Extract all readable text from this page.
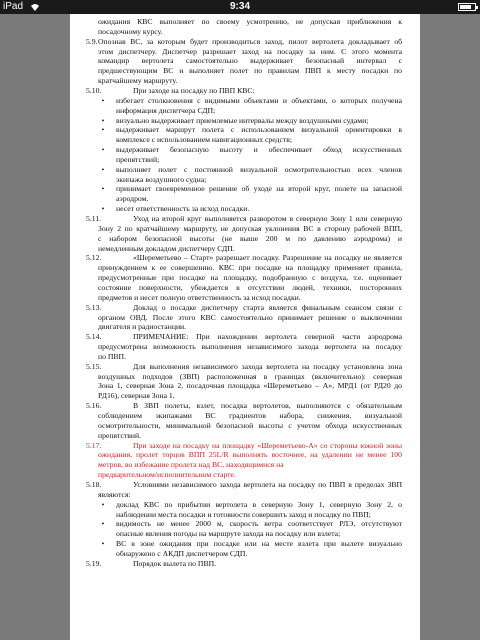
iPad	9:34
ожидания КВС выполняет по своему усмотрению, не допуская приближения к
посадочному курсу.
5.9. Опознав ВС, за которым будет производиться заход, пилот вертолета докладывает об
этом диспетчеру. Диспетчер разрешает заход на посадку за ним. С этого момента
командир вертолета самостоятельно выдерживает безопасный интервал с
предшествующим ВС и выполняет полет по правилам ПВП к месту посадки по
кратчайшему маршруту.
5.10.	При заходе на посадку по ПВП КВС:
• избегает столкновения с видимыми объектами и объектами, о которых получена
информация диспетчера СДП;
• визуально выдерживает приемлемые интервалы между воздушными судами;
• выдерживает маршрут полета с использованием визуальной ориентировки в
комплексе с использованием навигационных средств;
• выдерживает безопасную высоту и обеспечивает обход искусственных
препятствий;
• выполняет полет с постоянной визуальной осмотрительностью всех членов
экипажа воздушного судна;
• принимает своевременное решение об уходе на второй круг, полете на запасной
аэродром.
• несет ответственность за исход посадки.
5.11.	Уход на второй круг выполняется разворотом в северную Зону 1 или северную
Зону 2 по кратчайшему маршруту, не допуская уклонения ВС в сторону рабочей ВПП,
с набором безопасной высоты (не выше 200 м по давлению аэродрома) и
немедленным докладом диспетчеру СДП.
5.12.	«Шереметьево – Старт» разрешает посадку. Разрешение на посадку не является
принуждением к ее совершению. КВС при посадке на площадку применяет правила,
предусмотренные при посадке на площадку, подобранную с воздуха, т.е. оценивает
состояние поверхности, убеждается в отсутствии людей, техники, посторонних
предметов и несет полную ответственность за исход посадки.
5.13.	Доклад о посадке диспетчеру старта является финальным сеансом связи с
органом ОВД. После этого КВС самостоятельно принимает решение о выключении
двигателя и радиостанции.
5.14.	ПРИМЕЧАНИЕ: При нахождении вертолета северной части аэродрома
предусмотрена возможность выполнения независимого захода вертолета на посадку
по ПВП.
5.15.	Для выполнения независимого захода вертолета на посадку установлена зона
воздушных подходов (ЗВП) расположенная в границах (включительно): северная
Зона 1, северная Зона 2, посадочная площадка «Шереметьево – А», МРД1 (от РД20 до
РД16), северная Зона 1.
5.16.	В ЗВП полеты, взлет, посадка вертолетов, выполняются с обязательным
соблюдением экипажами ВС градиентов набора, снижения, визуальной
осмотрительности, минимальной безопасной высоты с учетом обхода искусственных
препятствий.
5.17.	При заходе на посадку на площадку «Шереметьево-А» со стороны южной зоны
ожидания, пролет торцов ВПП 25L/R выполнять восточнее, на удалении не менее 100
метров, во избежание пролета над ВС, находящимися на
предварительном/исполнительном старте.
5.18.	Условиями независимого захода вертолета на посадку по ПВП в пределах ЗВП
являются:
• доклад КВС по прибытии вертолета в северную Зону 1, северную Зону 2, о
наблюдении места посадки и готовности совершить заход и посадку по ПВП;
• видимость не менее 2000 м, скорость ветра соответствует РЛЭ, отсутствуют
опасные явления погоды на маршруте захода на посадку или взлета;
• ВС в зоне ожидания при посадке или на месте взлета при вылете визуально
обнаружено с АКДП диспетчером СДП.
5.19.	Порядок вылета по ПВП.
